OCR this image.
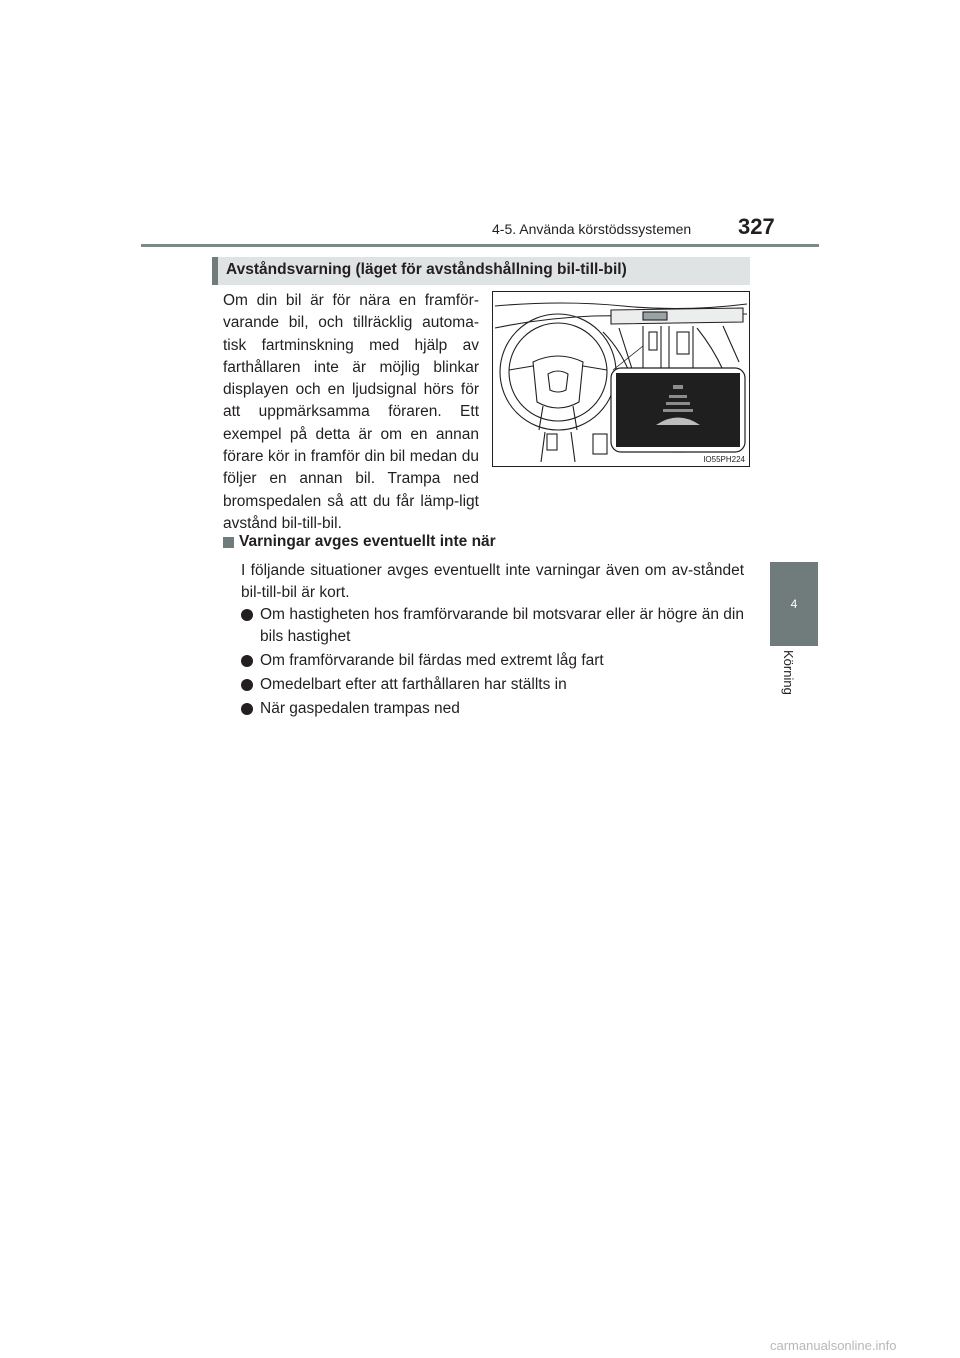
4-5. Använda körstödssystemen 327
4
Körning
Avståndsvarning (läget för avståndshållning bil-till-bil)
Om din bil är för nära en framför-varande bil, och tillräcklig automa-tisk fartminskning med hjälp av farthållaren inte är möjlig blinkar displayen och en ljudsignal hörs för att uppmärksamma föraren. Ett exempel på detta är om en annan förare kör in framför din bil medan du följer en annan bil. Trampa ned bromspedalen så att du får lämp-ligt avstånd bil-till-bil.
IO55PH224
Varningar avges eventuellt inte när
I följande situationer avges eventuellt inte varningar även om av-ståndet bil-till-bil är kort.
Om hastigheten hos framförvarande bil motsvarar eller är högre än din bils hastighet
Om framförvarande bil färdas med extremt låg fart
Omedelbart efter att farthållaren har ställts in
När gaspedalen trampas ned
carmanualsonline.info
